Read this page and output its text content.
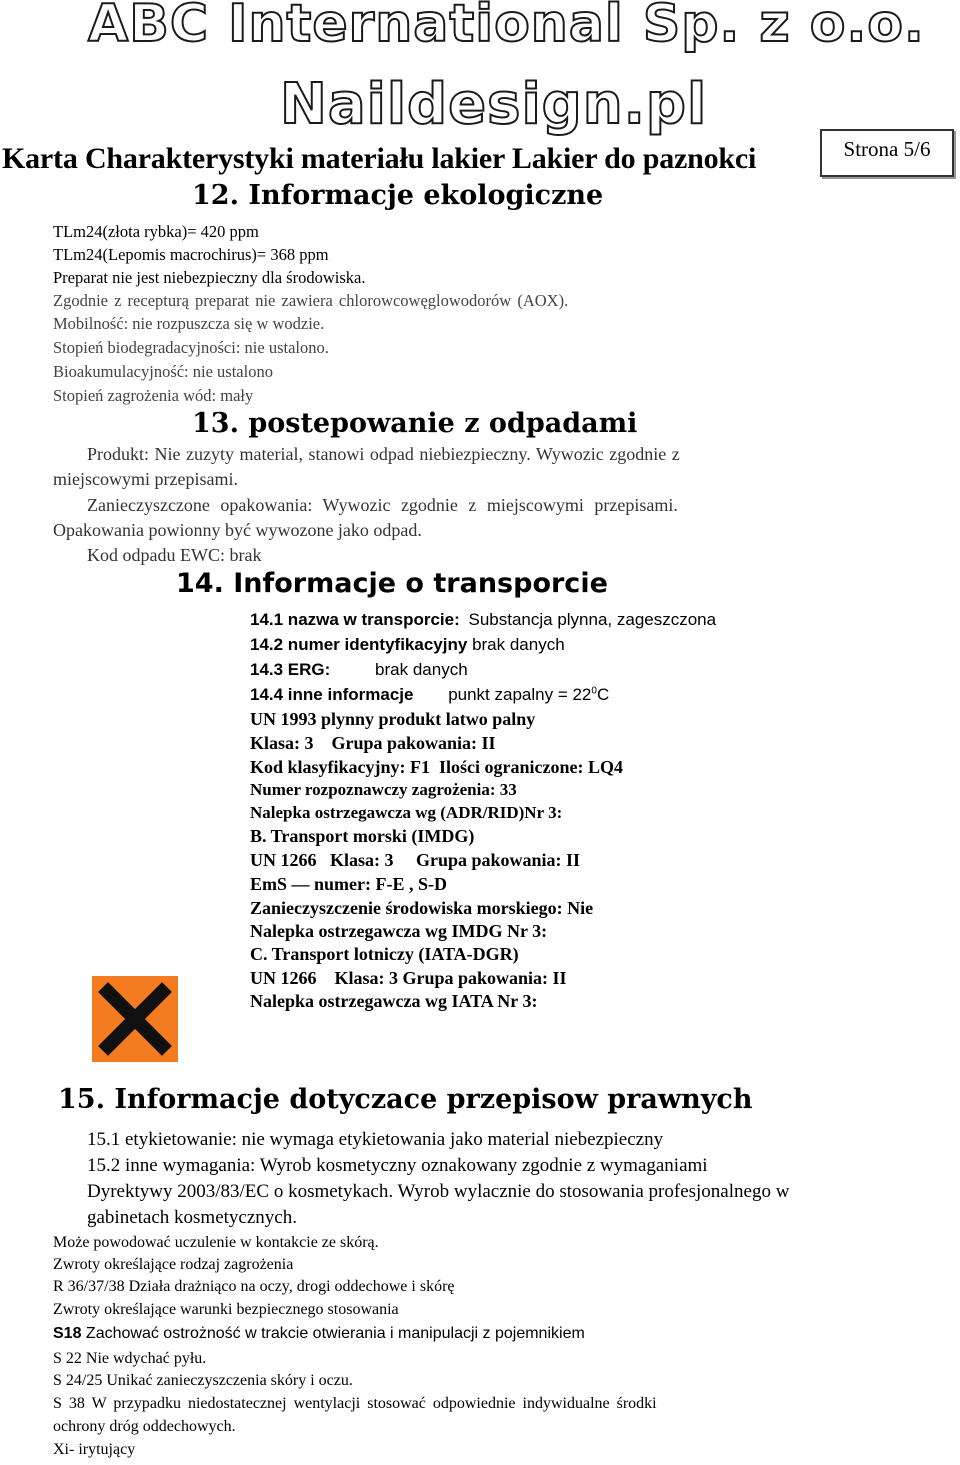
ABC International Sp. z o.o.
Naildesign.pl
Karta Charakterystyki materiału lakier Lakier do paznokci	Strona 5/6
12. Informacje ekologiczne
TLm24(złota rybka)= 420 ppm
TLm24(Lepomis macrochirus)= 368 ppm
Preparat nie jest niebezpieczny dla środowiska.
Zgodnie z recepturą preparat nie zawiera chlorowcowęglowodorów (AOX).
Mobilność: nie rozpuszcza się w wodzie.
Stopień biodegradacyjności: nie ustalono.
Bioakumulacyjność: nie ustalono
Stopień zagrożenia wód: mały
13. postepowanie z odpadami
Produkt: Nie zuzyty material, stanowi odpad niebiezpieczny. Wywozic zgodnie z
miejscowymi przepisami.
Zanieczyszczone opakowania: Wywozic zgodnie z miejscowymi przepisami.
Opakowania powionny być wywozone jako odpad.
Kod odpadu EWC: brak
14. Informacje o transporcie
14.1 nazwa w transporcie: Substancja plynna, zageszczona
14.2 numer identyfikacyjny brak danych
14.3 ERG:	brak danych
14.4 inne informacje punkt zapalny = $22^0C$
UN 1993 plynny produkt latwo palny
Klasa: 3    Grupa pakowania: II
Kod klasyfikacyjny: F1  Ilości ograniczone: LQ4
Numer rozpoznawczy zagrożenia: 33
Nalepka ostrzegawcza wg (ADR/RID)Nr 3:
B. Transport morski (IMDG)
UN 1266   Klasa: 3     Grupa pakowania: II
EmS — numer: F-E , S-D
Zanieczyszczenie środowiska morskiego: Nie
Nalepka ostrzegawcza wg IMDG Nr 3:
C. Transport lotniczy (IATA-DGR)
UN 1266    Klasa: 3 Grupa pakowania: II
Nalepka ostrzegawcza wg IATA Nr 3:
15. Informacje dotyczace przepisow prawnych
15.1 etykietowanie: nie wymaga etykietowania jako material niebezpieczny
15.2 inne wymagania: Wyrob kosmetyczny oznakowany zgodnie z wymaganiami
Dyrektywy 2003/83/EC o kosmetykach. Wyrob wylacznie do stosowania profesjonalnego w
gabinetach kosmetycznych.
Może powodować uczulenie w kontakcie ze skórą.
Zwroty określające rodzaj zagrożenia
R 36/37/38 Działa drażniąco na oczy, drogi oddechowe i skórę
Zwroty określające warunki bezpiecznego stosowania
S18 Zachować ostrożność w trakcie otwierania i manipulacji z pojemnikiem
S 22 Nie wdychać pyłu.
S 24/25 Unikać zanieczyszczenia skóry i oczu.
S 38 W przypadku niedostatecznej wentylacji stosować odpowiednie indywidualne środki
ochrony dróg oddechowych.
Xi- irytujący
